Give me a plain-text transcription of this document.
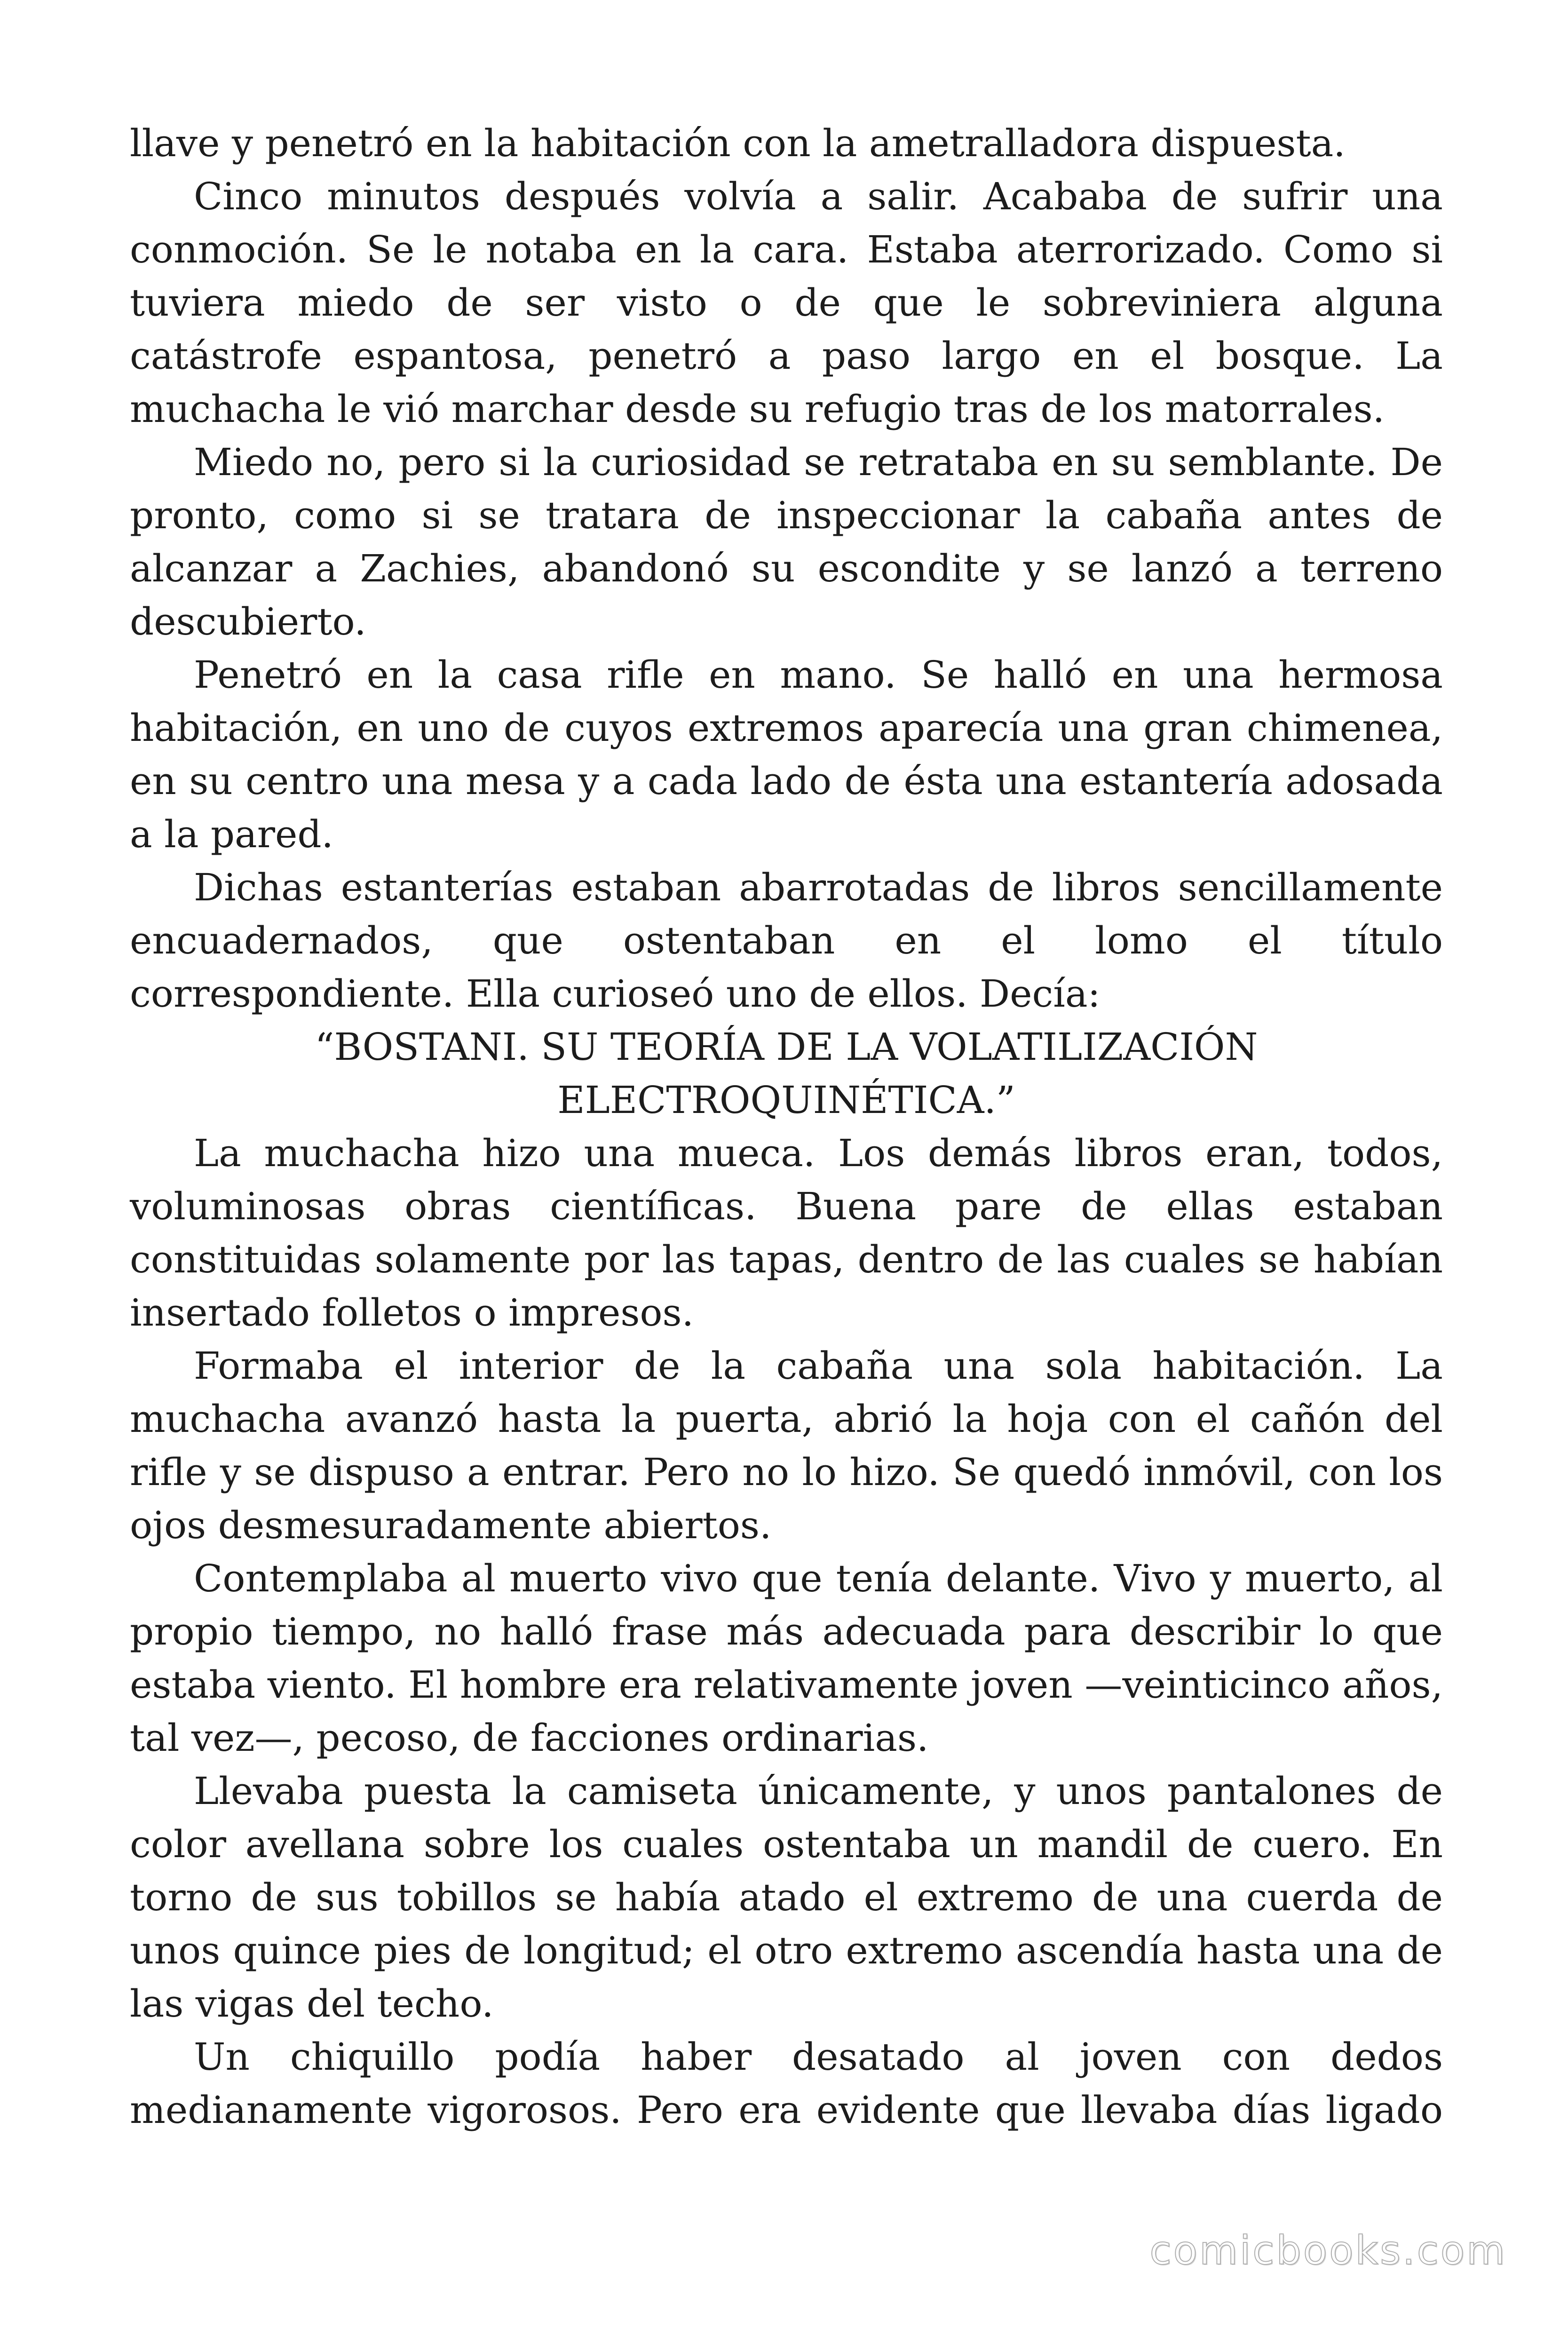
llave y penetró en la habitación con la ametralladora dispuesta.

Cinco minutos después volvía a salir. Acababa de sufrir una conmoción. Se le notaba en la cara. Estaba aterrorizado. Como si tuviera miedo de ser visto o de que le sobreviniera alguna catástrofe espantosa, penetró a paso largo en el bosque. La muchacha le vió marchar desde su refugio tras de los matorrales.

Miedo no, pero si la curiosidad se retrataba en su semblante. De pronto, como si se tratara de inspeccionar la cabaña antes de alcanzar a Zachies, abandonó su escondite y se lanzó a terreno descubierto.

Penetró en la casa rifle en mano. Se halló en una hermosa habitación, en uno de cuyos extremos aparecía una gran chimenea, en su centro una mesa y a cada lado de ésta una estantería adosada a la pared.

Dichas estanterías estaban abarrotadas de libros sencillamente encuadernados, que ostentaban en el lomo el título correspondiente. Ella curioseó uno de ellos. Decía:

“BOSTANI. SU TEORÍA DE LA VOLATILIZACIÓN

ELECTROQUINÉTICA.”

La muchacha hizo una mueca. Los demás libros eran, todos, voluminosas obras científicas. Buena pare de ellas estaban constituidas solamente por las tapas, dentro de las cuales se habían insertado folletos o impresos.

Formaba el interior de la cabaña una sola habitación. La muchacha avanzó hasta la puerta, abrió la hoja con el cañón del rifle y se dispuso a entrar. Pero no lo hizo. Se quedó inmóvil, con los ojos desmesuradamente abiertos.

Contemplaba al muerto vivo que tenía delante. Vivo y muerto, al propio tiempo, no halló frase más adecuada para describir lo que estaba viento. El hombre era relativamente joven —veinticinco años, tal vez—, pecoso, de facciones ordinarias.

Llevaba puesta la camiseta únicamente, y unos pantalones de color avellana sobre los cuales ostentaba un mandil de cuero. En torno de sus tobillos se había atado el extremo de una cuerda de unos quince pies de longitud; el otro extremo ascendía hasta una de las vigas del techo.

Un chiquillo podía haber desatado al joven con dedos medianamente vigorosos. Pero era evidente que llevaba días ligado

comicbooks.com
